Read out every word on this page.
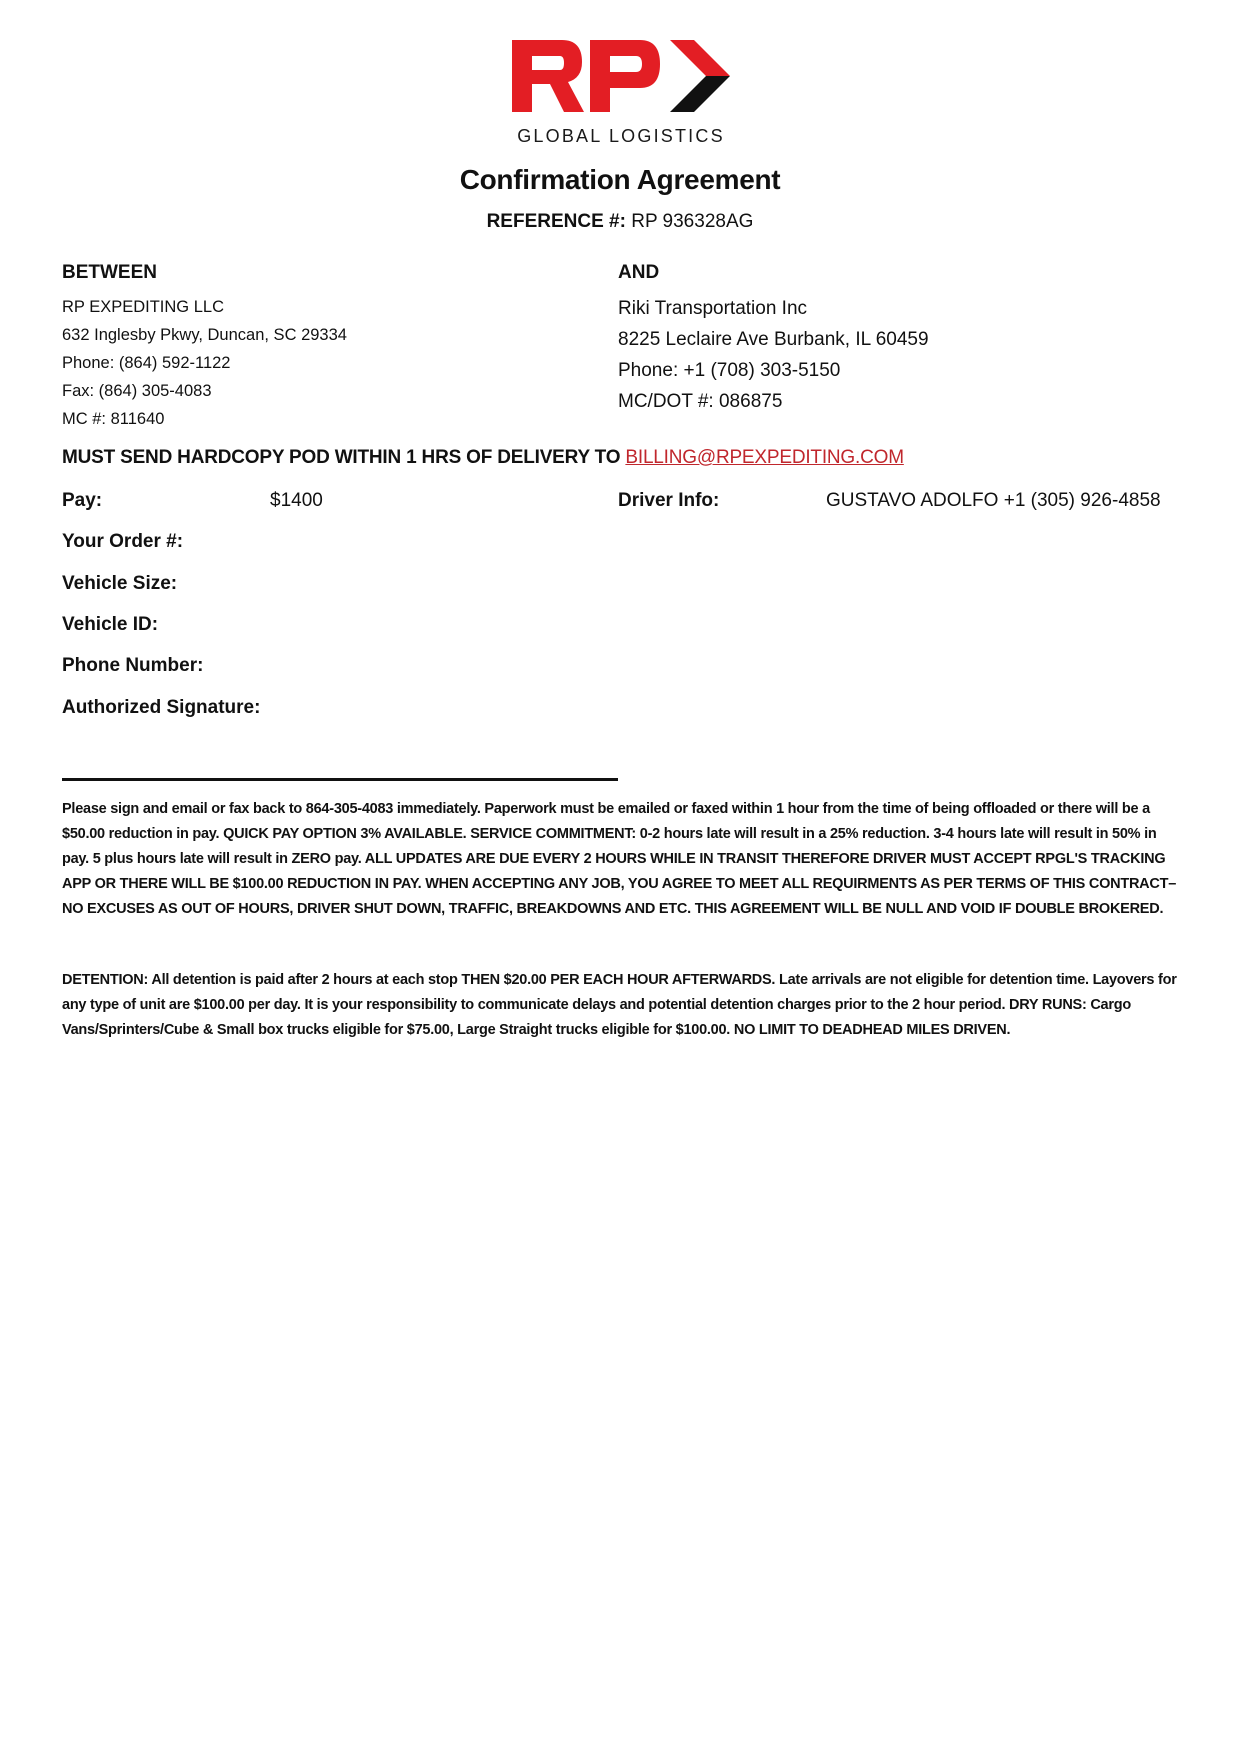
GLOBAL LOGISTICS
Confirmation Agreement
REFERENCE #: RP 936328AG
BETWEEN
RP EXPEDITING LLC
632 Inglesby Pkwy, Duncan, SC 29334
Phone: (864) 592-1122
Fax: (864) 305-4083
MC #: 811640
AND
Riki Transportation Inc
8225 Leclaire Ave Burbank, IL 60459
Phone: +1 (708) 303-5150
MC/DOT #: 086875
MUST SEND HARDCOPY POD WITHIN 1 HRS OF DELIVERY TO BILLING@RPEXPEDITING.COM
Pay:	$1400	Driver Info:	GUSTAVO ADOLFO +1 (305) 926-4858
Your Order #:
Vehicle Size:
Vehicle ID:
Phone Number:
Authorized Signature:
Please sign and email or fax back to 864-305-4083 immediately. Paperwork must be emailed or faxed within 1 hour from the time of being offloaded or there will be a $50.00 reduction in pay. QUICK PAY OPTION 3% AVAILABLE. SERVICE COMMITMENT: 0-2 hours late will result in a 25% reduction. 3-4 hours late will result in 50% in pay. 5 plus hours late will result in ZERO pay. ALL UPDATES ARE DUE EVERY 2 HOURS WHILE IN TRANSIT THEREFORE DRIVER MUST ACCEPT RPGL'S TRACKING APP OR THERE WILL BE $100.00 REDUCTION IN PAY. WHEN ACCEPTING ANY JOB, YOU AGREE TO MEET ALL REQUIRMENTS AS PER TERMS OF THIS CONTRACT– NO EXCUSES AS OUT OF HOURS, DRIVER SHUT DOWN, TRAFFIC, BREAKDOWNS AND ETC. THIS AGREEMENT WILL BE NULL AND VOID IF DOUBLE BROKERED.
DETENTION: All detention is paid after 2 hours at each stop THEN $20.00 PER EACH HOUR AFTERWARDS. Late arrivals are not eligible for detention time. Layovers for any type of unit are $100.00 per day. It is your responsibility to communicate delays and potential detention charges prior to the 2 hour period. DRY RUNS: Cargo Vans/Sprinters/Cube & Small box trucks eligible for $75.00, Large Straight trucks eligible for $100.00. NO LIMIT TO DEADHEAD MILES DRIVEN.
